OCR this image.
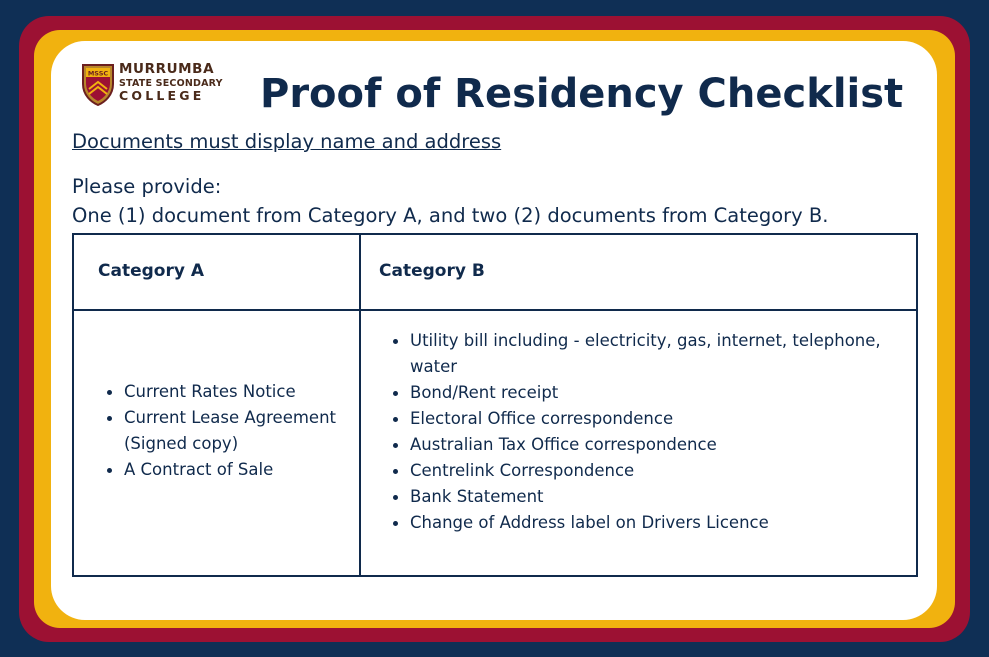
MSSC MURRUMBA
STATE SECONDARY
COLLEGE	Proof of Residency Checklist

Documents must display name and address

Please provide:
One (1) document from Category A, and two (2) documents from Category B.
Category A	Category B
Current Rates Notice
Current Lease Agreement (Signed copy)
A Contract of Sale
Utility bill including - electricity, gas, internet, telephone, water
Bond/Rent receipt
Electoral Office correspondence
Australian Tax Office correspondence
Centrelink Correspondence
Bank Statement
Change of Address label on Drivers Licence
